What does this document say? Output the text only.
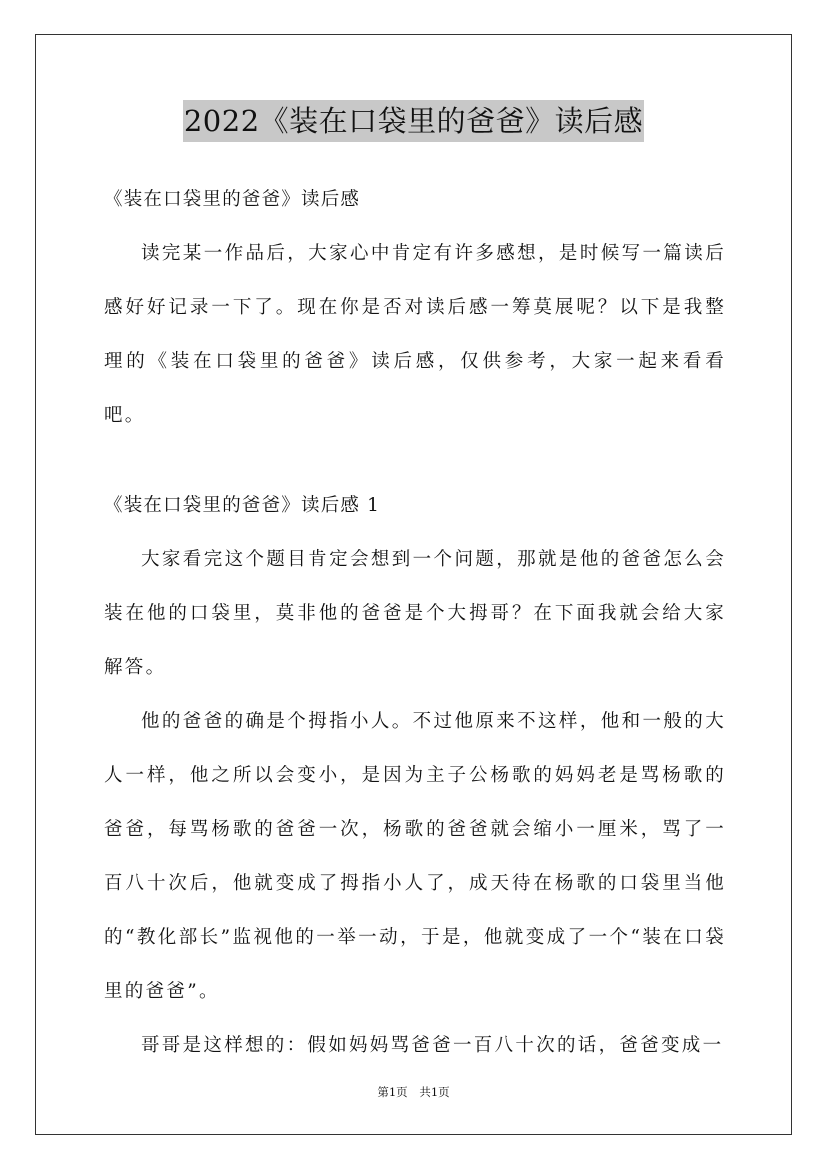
2022《装在口袋里的爸爸》读后感

《装在口袋里的爸爸》读后感

读完某一作品后，大家心中肯定有许多感想，是时候写一篇读后感好好记录一下了。现在你是否对读后感一筹莫展呢？以下是我整理的《装在口袋里的爸爸》读后感，仅供参考，大家一起来看看吧。

《装在口袋里的爸爸》读后感 1

大家看完这个题目肯定会想到一个问题，那就是他的爸爸怎么会装在他的口袋里，莫非他的爸爸是个大拇哥？在下面我就会给大家解答。

他的爸爸的确是个拇指小人。不过他原来不这样，他和一般的大人一样，他之所以会变小，是因为主子公杨歌的妈妈老是骂杨歌的爸爸，每骂杨歌的爸爸一次，杨歌的爸爸就会缩小一厘米，骂了一百八十次后，他就变成了拇指小人了，成天待在杨歌的口袋里当他的“教化部长”监视他的一举一动，于是，他就变成了一个“装在口袋里的爸爸”。

哥哥是这样想的：假如妈妈骂爸爸一百八十次的话，爸爸变成一

第1页 共1页
